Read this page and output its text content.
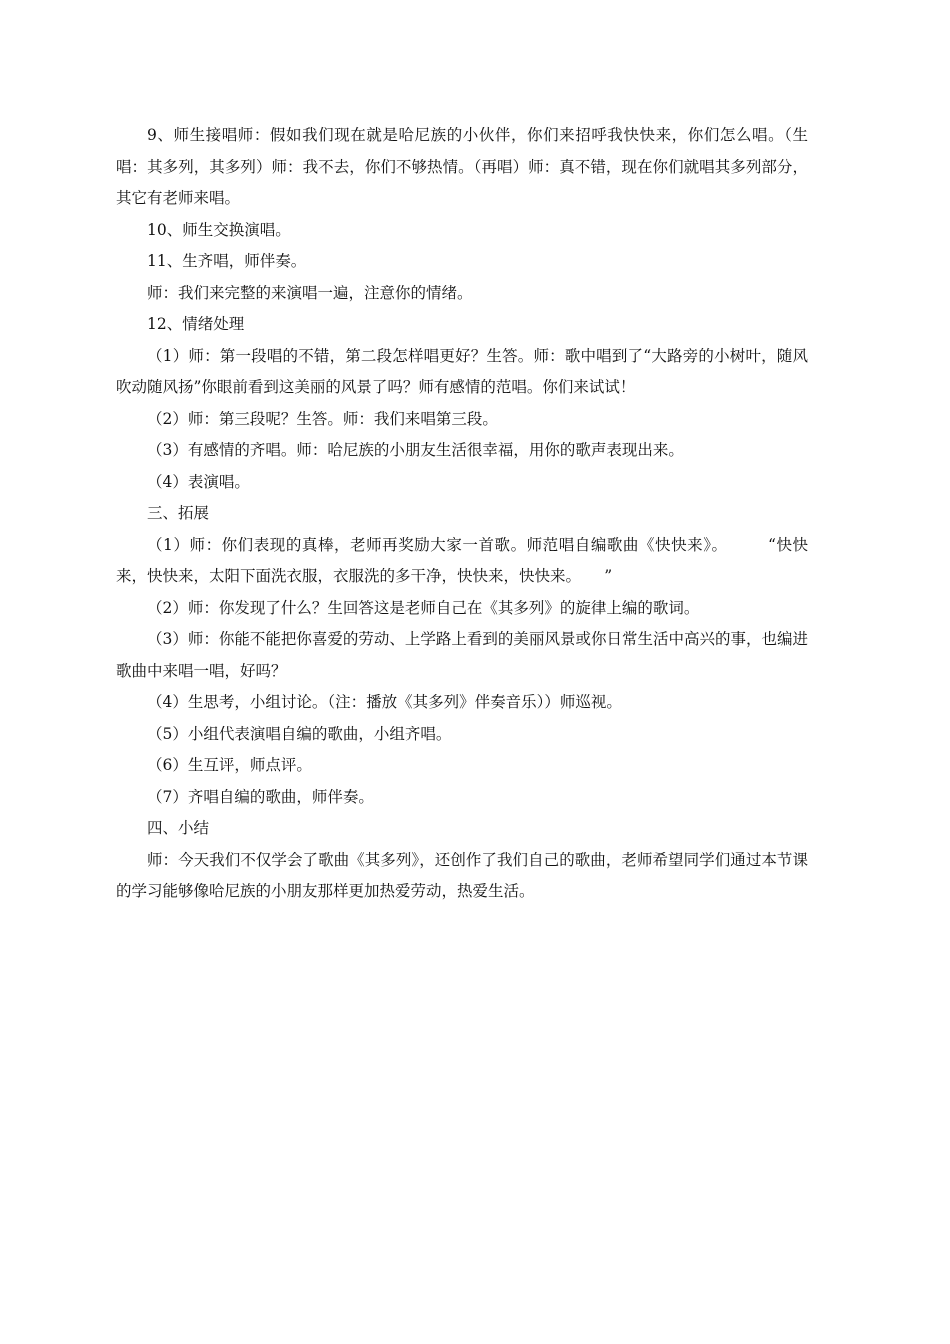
9、师生接唱师：假如我们现在就是哈尼族的小伙伴，你们来招呼我快快来，你们怎么唱。（生唱：其多列，其多列）师：我不去，你们不够热情。（再唱）师：真不错，现在你们就唱其多列部分，其它有老师来唱。

10、师生交换演唱。

11、生齐唱，师伴奏。

师：我们来完整的来演唱一遍，注意你的情绪。

12、情绪处理

（1）师：第一段唱的不错，第二段怎样唱更好？生答。师：歌中唱到了“大路旁的小树叶，随风吹动随风扬”你眼前看到这美丽的风景了吗？师有感情的范唱。你们来试试！

（2）师：第三段呢？生答。师：我们来唱第三段。

（3）有感情的齐唱。师：哈尼族的小朋友生活很幸福，用你的歌声表现出来。

（4）表演唱。

三、拓展

（1）师：你们表现的真棒，老师再奖励大家一首歌。师范唱自编歌曲《快快来》。　　　“快快来，快快来，太阳下面洗衣服，衣服洗的多干净，快快来，快快来。　　”

（2）师：你发现了什么？生回答这是老师自己在《其多列》的旋律上编的歌词。

（3）师：你能不能把你喜爱的劳动、上学路上看到的美丽风景或你日常生活中高兴的事，也编进歌曲中来唱一唱，好吗？

（4）生思考，小组讨论。（注：播放《其多列》伴奏音乐））师巡视。

（5）小组代表演唱自编的歌曲，小组齐唱。

（6）生互评，师点评。

（7）齐唱自编的歌曲，师伴奏。

四、小结

师：今天我们不仅学会了歌曲《其多列》，还创作了我们自己的歌曲，老师希望同学们通过本节课的学习能够像哈尼族的小朋友那样更加热爱劳动，热爱生活。
